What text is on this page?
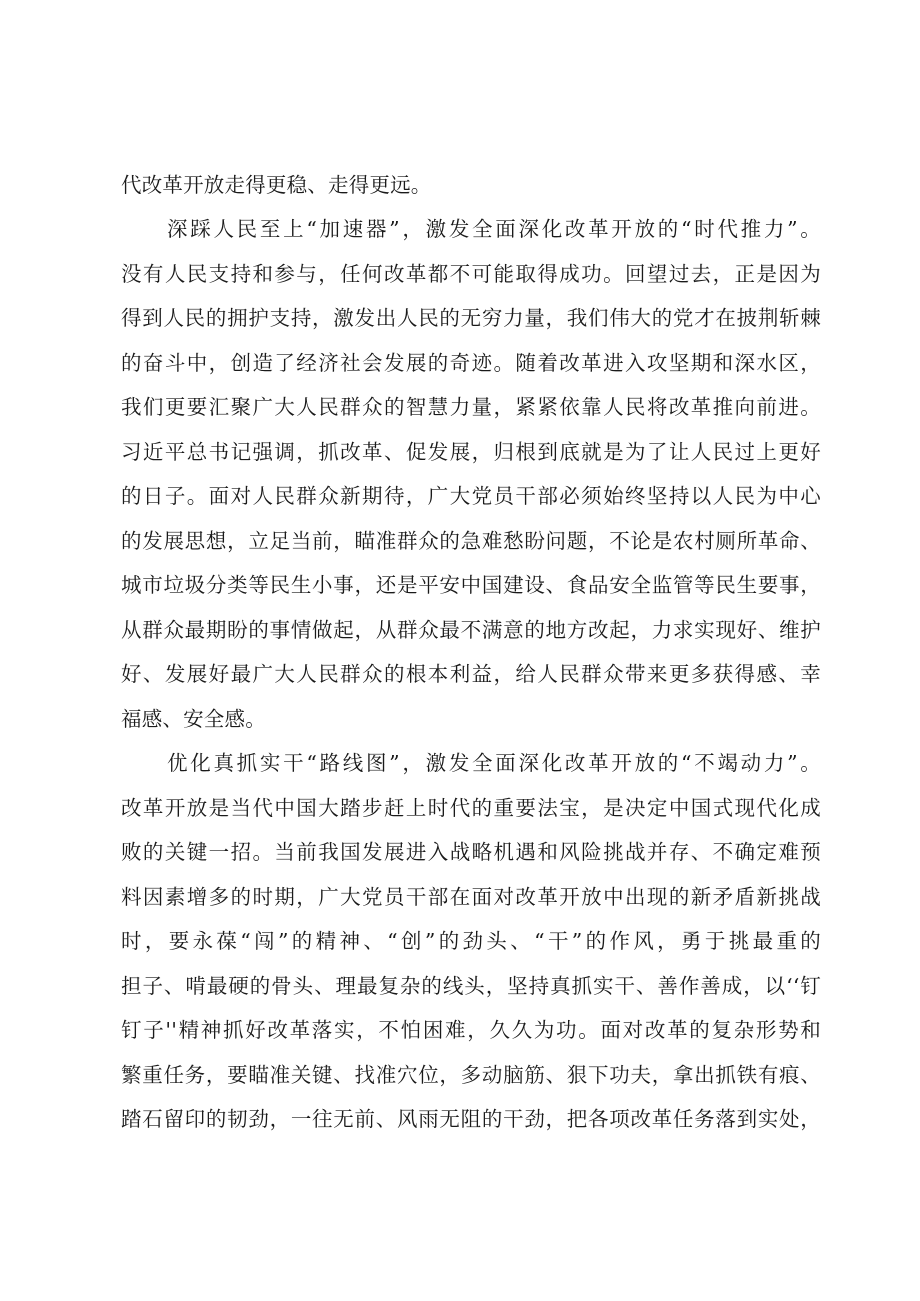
代改革开放走得更稳、走得更远。
深踩人民至上“加速器”，激发全面深化改革开放的“时代推力”。
没有人民支持和参与，任何改革都不可能取得成功。回望过去，正是因为
得到人民的拥护支持，激发出人民的无穷力量，我们伟大的党才在披荆斩棘
的奋斗中，创造了经济社会发展的奇迹。随着改革进入攻坚期和深水区，
我们更要汇聚广大人民群众的智慧力量，紧紧依靠人民将改革推向前进。
习近平总书记强调，抓改革、促发展，归根到底就是为了让人民过上更好
的日子。面对人民群众新期待，广大党员干部必须始终坚持以人民为中心
的发展思想，立足当前，瞄准群众的急难愁盼问题，不论是农村厕所革命、
城市垃圾分类等民生小事，还是平安中国建设、食品安全监管等民生要事，
从群众最期盼的事情做起，从群众最不满意的地方改起，力求实现好、维护
好、发展好最广大人民群众的根本利益，给人民群众带来更多获得感、幸
福感、安全感。
优化真抓实干“路线图”，激发全面深化改革开放的“不竭动力”。
改革开放是当代中国大踏步赶上时代的重要法宝，是决定中国式现代化成
败的关键一招。当前我国发展进入战略机遇和风险挑战并存、不确定难预
料因素增多的时期，广大党员干部在面对改革开放中出现的新矛盾新挑战
时，要永葆“闯”的精神、“创”的劲头、“干”的作风，勇于挑最重的
担子、啃最硬的骨头、理最复杂的线头，坚持真抓实干、善作善成，以‘‘钉
钉子''精神抓好改革落实，不怕困难，久久为功。面对改革的复杂形势和
繁重任务，要瞄准关键、找准穴位，多动脑筋、狠下功夫，拿出抓铁有痕、
踏石留印的韧劲，一往无前、风雨无阻的干劲，把各项改革任务落到实处，
